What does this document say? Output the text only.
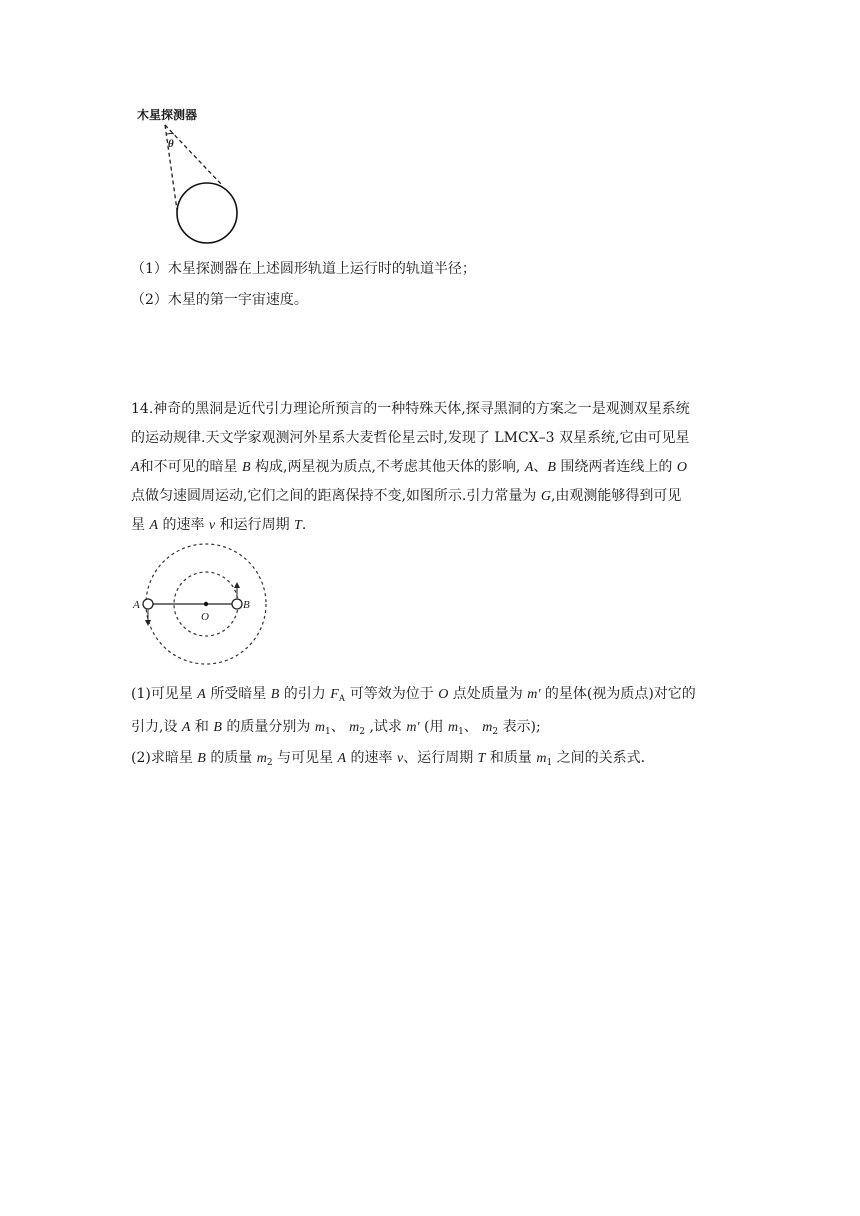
木星探测器
θ
（1）木星探测器在上述圆形轨道上运行时的轨道半径；
（2）木星的第一宇宙速度。
14.神奇的黑洞是近代引力理论所预言的一种特殊天体,探寻黑洞的方案之一是观测双星系统
的运动规律.天文学家观测河外星系大麦哲伦星云时,发现了 LMCX–3 双星系统,它由可见星
A和不可见的暗星 B 构成,两星视为质点,不考虑其他天体的影响, A、B 围绕两者连线上的 O
点做匀速圆周运动,它们之间的距离保持不变,如图所示.引力常量为 G,由观测能够得到可见
星 A 的速率 v 和运行周期 T.
A	B
O
(1)可见星 A 所受暗星 B 的引力 $F_A$ 可等效为位于 O 点处质量为 m′ 的星体(视为质点)对它的
引力,设 A 和 B 的质量分别为 $m_1$、 $m_2$ ,试求 m′ (用 $m_1$、 $m_2$ 表示);
(2)求暗星 B 的质量 $m_2$ 与可见星 A 的速率 v、运行周期 T 和质量 $m_1$ 之间的关系式.
